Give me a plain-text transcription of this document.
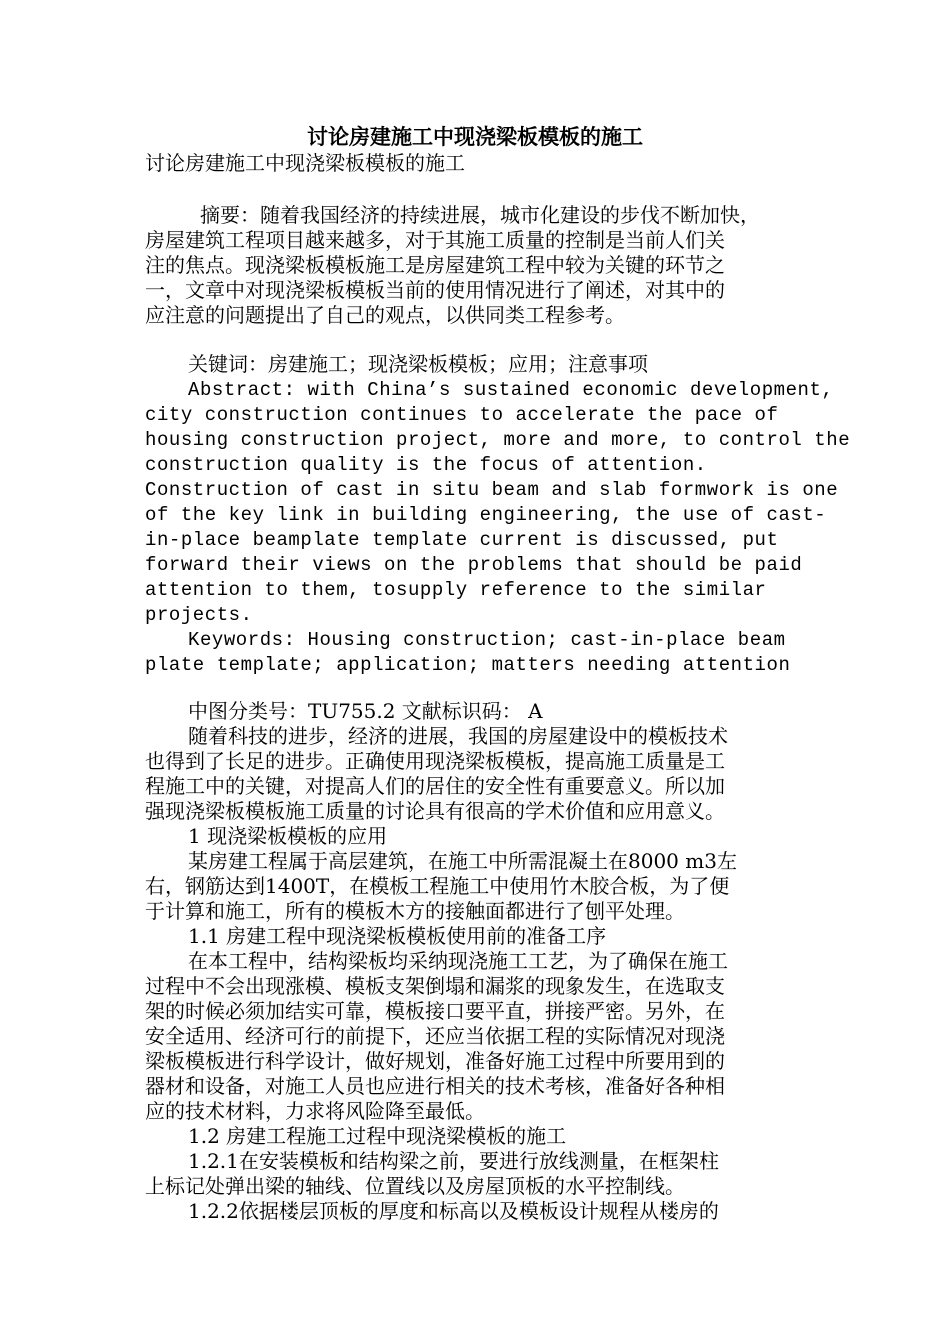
讨论房建施工中现浇梁板模板的施工
讨论房建施工中现浇梁板模板的施工
摘要：随着我国经济的持续进展，城市化建设的步伐不断加快，
房屋建筑工程项目越来越多，对于其施工质量的控制是当前人们关
注的焦点。现浇梁板模板施工是房屋建筑工程中较为关键的环节之
一，文章中对现浇梁板模板当前的使用情况进行了阐述，对其中的
应注意的问题提出了自己的观点，以供同类工程参考。
关键词：房建施工；现浇梁板模板；应用；注意事项
Abstract: with China’s sustained economic development,
city construction continues to accelerate the pace of
housing construction project, more and more, to control the
construction quality is the focus of attention.
Construction of cast in situ beam and slab formwork is one
of the key link in building engineering, the use of cast-
in-place beamplate template current is discussed, put
forward their views on the problems that should be paid
attention to them, tosupply reference to the similar
projects.
Keywords: Housing construction; cast-in-place beam
plate template; application; matters needing attention
中图分类号：TU755.2 文献标识码： A
随着科技的进步，经济的进展，我国的房屋建设中的模板技术
也得到了长足的进步。正确使用现浇梁板模板，提高施工质量是工
程施工中的关键，对提高人们的居住的安全性有重要意义。所以加
强现浇梁板模板施工质量的讨论具有很高的学术价值和应用意义。
1 现浇梁板模板的应用
某房建工程属于高层建筑，在施工中所需混凝土在8000 m3左
右，钢筋达到1400T，在模板工程施工中使用竹木胶合板，为了便
于计算和施工，所有的模板木方的接触面都进行了刨平处理。
1.1 房建工程中现浇梁板模板使用前的准备工序
在本工程中，结构梁板均采纳现浇施工工艺，为了确保在施工
过程中不会出现涨模、模板支架倒塌和漏浆的现象发生，在选取支
架的时候必须加结实可靠，模板接口要平直，拼接严密。另外，在
安全适用、经济可行的前提下，还应当依据工程的实际情况对现浇
梁板模板进行科学设计，做好规划，准备好施工过程中所要用到的
器材和设备，对施工人员也应进行相关的技术考核，准备好各种相
应的技术材料，力求将风险降至最低。
1.2 房建工程施工过程中现浇梁模板的施工
1.2.1在安装模板和结构梁之前，要进行放线测量，在框架柱
上标记处弹出梁的轴线、位置线以及房屋顶板的水平控制线。
1.2.2依据楼层顶板的厚度和标高以及模板设计规程从楼房的
